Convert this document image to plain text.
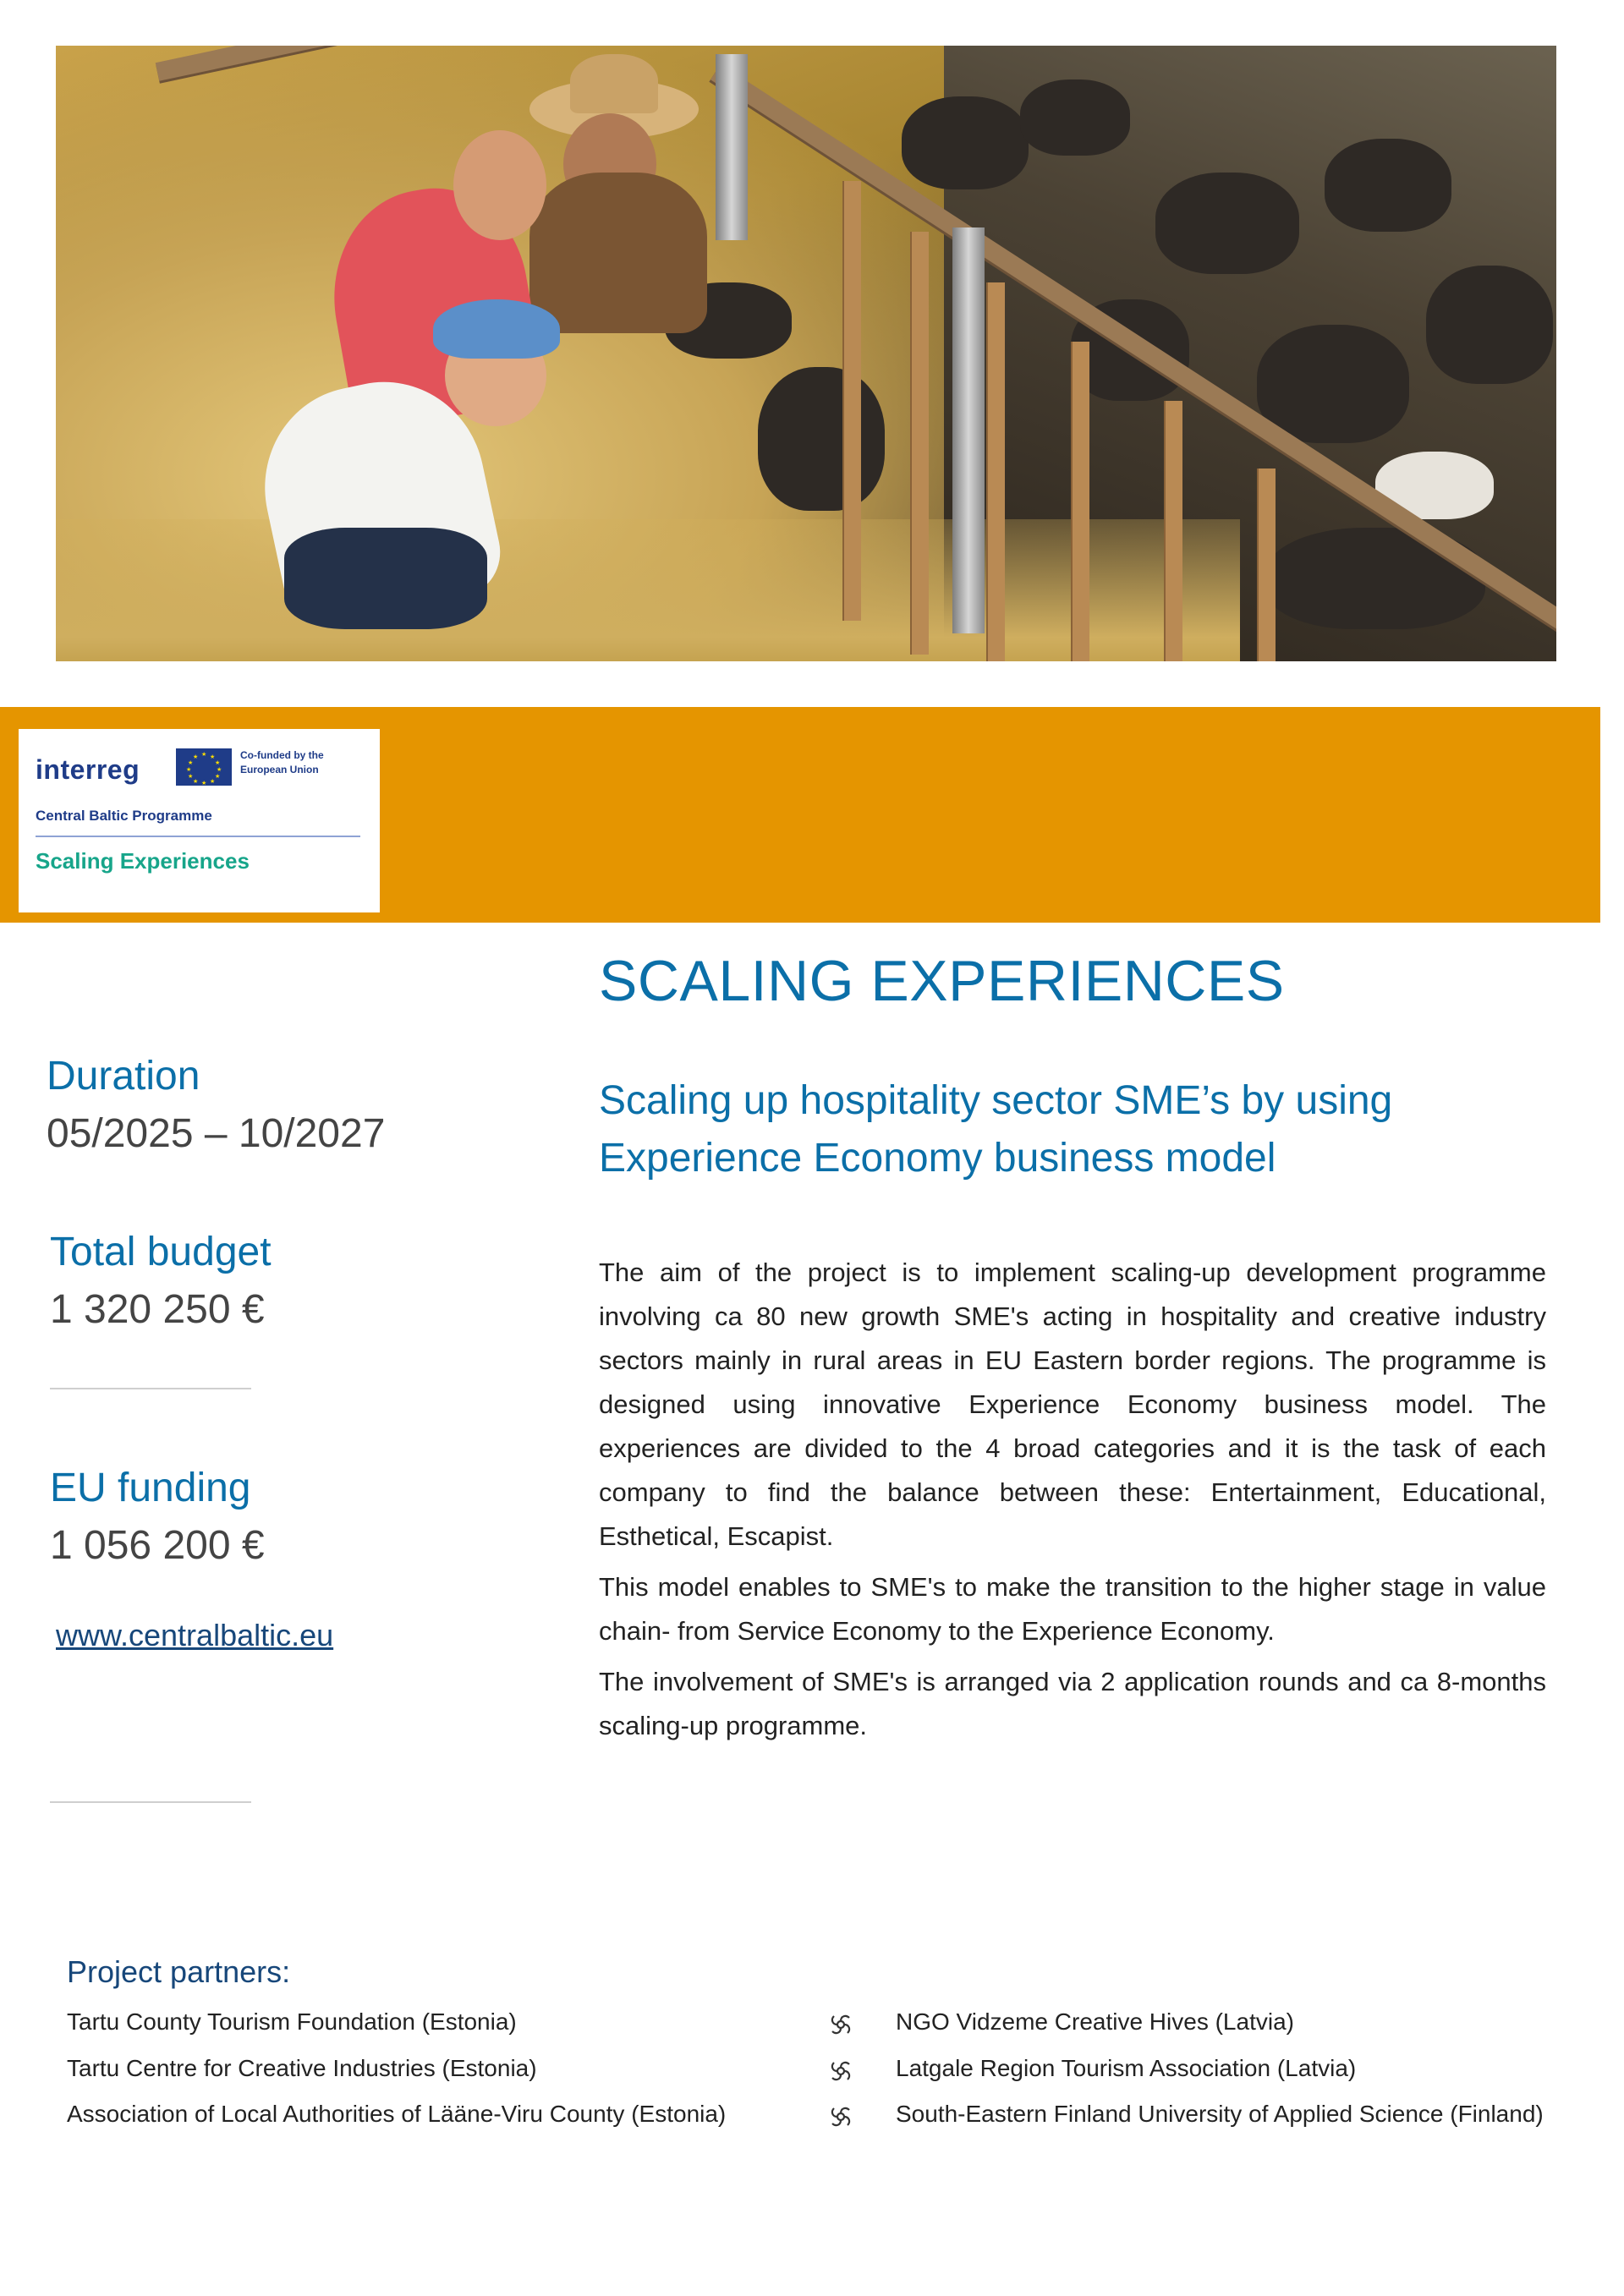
interreg	★ ★
★
★
★
★
★
★
★
★
★
★	Co-funded by the European Union
Central Baltic Programme
Scaling Experiences
SCALING EXPERIENCES
Scaling up hospitality sector SME’s by using Experience Economy business model
Duration
05/2025 – 10/2027
Total budget
1 320 250 €
EU funding
1 056 200 €
www.centralbaltic.eu

The aim of the project is to implement scaling-up development programme involving ca 80 new growth SME's acting in hospitality and creative industry sectors mainly in rural areas in EU Eastern border regions. The programme is designed using innovative Experience Economy business model. The experiences are divided to the 4 broad categories and it is the task of each company to find the balance between these: Entertainment, Educational, Esthetical, Escapist.

This model enables to SME's to make the transition to the higher stage in value chain- from Service Economy to the Experience Economy.

The involvement of SME's is arranged via 2 application rounds and ca 8-months scaling-up programme.

Project partners:
Tartu County Tourism Foundation (Estonia)
Tartu Centre for Creative Industries (Estonia)
Association of Local Authorities of Lääne-Viru County (Estonia)
NGO Vidzeme Creative Hives (Latvia)
Latgale Region Tourism Association (Latvia)
South-Eastern Finland University of Applied Science (Finland)
